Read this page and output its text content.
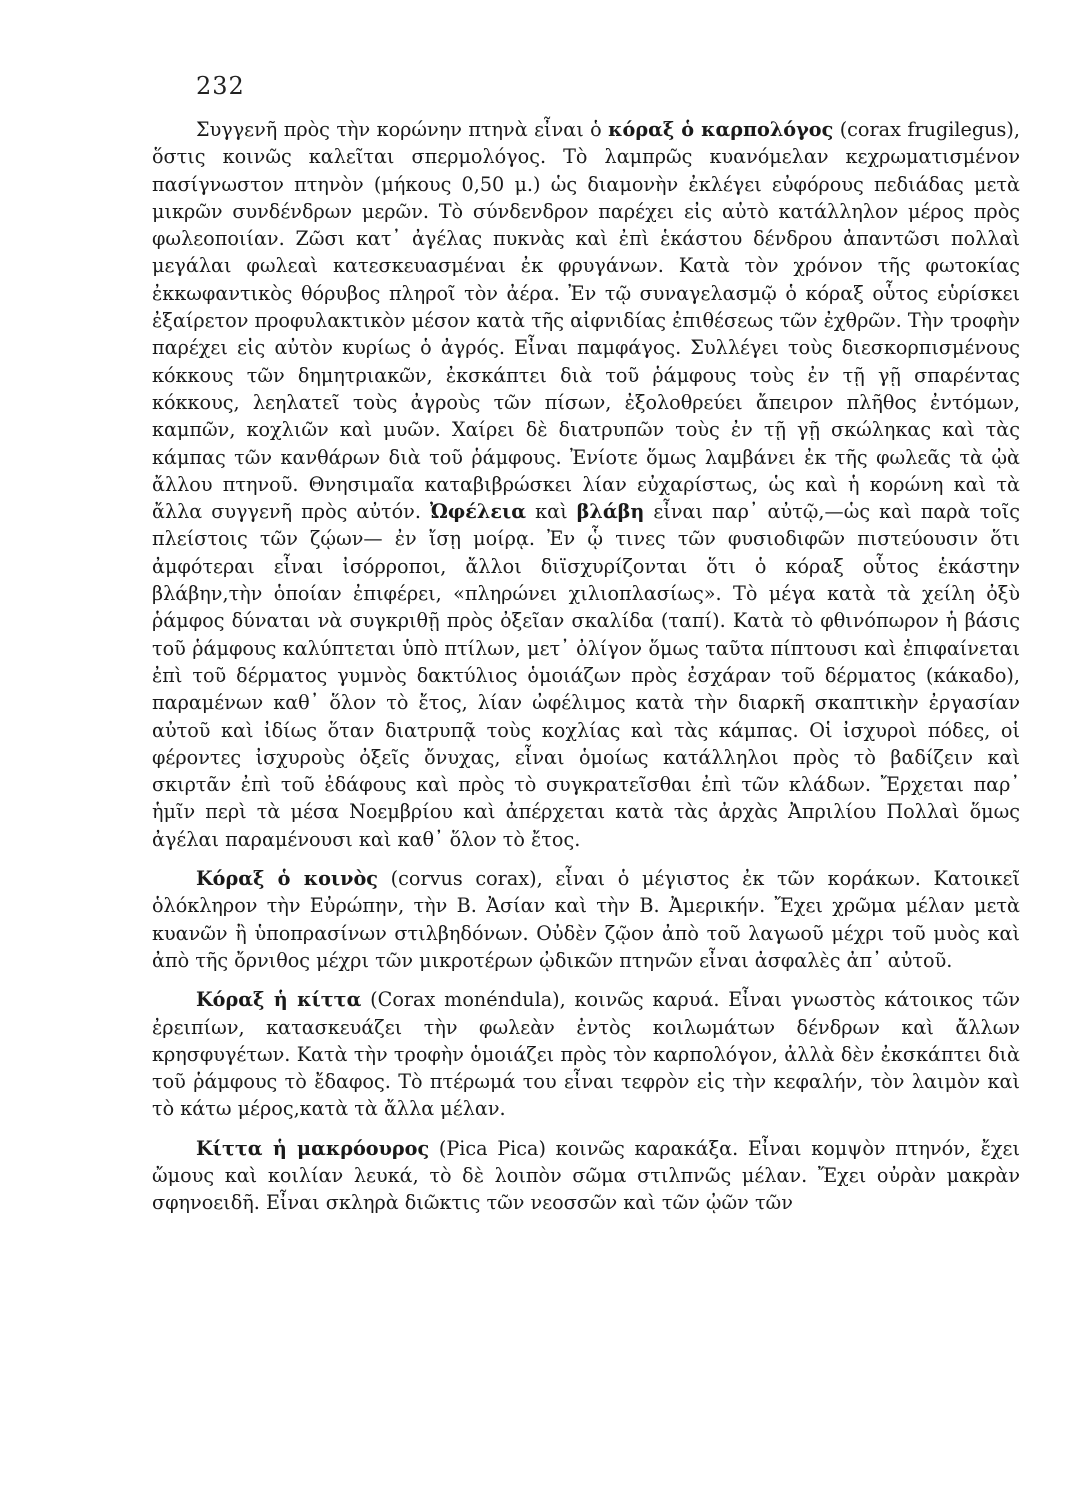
232

Συγγενῆ πρὸς τὴν κορώνην πτηνὰ εἶναι ὁ κόραξ ὁ καρπολόγος (corax frugilegus), ὅστις κοινῶς καλεῖται σπερμολόγος. Τὸ λαμπρῶς κυανόμελαν κεχρωματισμένον πασίγνωστον πτηνὸν (μήκους 0,50 μ.) ὡς διαμονὴν ἐκλέγει εὐφόρους πεδιάδας μετὰ μικρῶν συνδένδρων μερῶν. Τὸ σύνδενδρον παρέχει εἰς αὐτὸ κατάλληλον μέρος πρὸς φωλεοποιίαν. Ζῶσι κατ᾽ ἀγέλας πυκνὰς καὶ ἐπὶ ἑκάστου δένδρου ἀπαντῶσι πολλαὶ μεγάλαι φωλεαὶ κατεσκευασμέναι ἐκ φρυγάνων. Κατὰ τὸν χρόνον τῆς φωτοκίας ἐκκωφαντικὸς θόρυβος πληροῖ τὸν ἀέρα. Ἐν τῷ συναγελασμῷ ὁ κόραξ οὗτος εὑρίσκει ἐξαίρετον προφυλακτικὸν μέσον κατὰ τῆς αἰφνιδίας ἐπιθέσεως τῶν ἐχθρῶν. Τὴν τροφὴν παρέχει εἰς αὐτὸν κυρίως ὁ ἀγρός. Εἶναι παμφάγος. Συλλέγει τοὺς διεσκορπισμένους κόκκους τῶν δημητριακῶν, ἐκσκάπτει διὰ τοῦ ῥάμφους τοὺς ἐν τῇ γῇ σπαρέντας κόκκους, λεηλατεῖ τοὺς ἀγροὺς τῶν πίσων, ἐξολοθρεύει ἄπειρον πλῆθος ἐντόμων, καμπῶν, κοχλιῶν καὶ μυῶν. Χαίρει δὲ διατρυπῶν τοὺς ἐν τῇ γῇ σκώληκας καὶ τὰς κάμπας τῶν κανθάρων διὰ τοῦ ῥάμφους. Ἐνίοτε ὅμως λαμβάνει ἐκ τῆς φωλεᾶς τὰ ᾠὰ ἄλλου πτηνοῦ. Θνησιμαῖα καταβιβρώσκει λίαν εὐχαρίστως, ὡς καὶ ἡ κορώνη καὶ τὰ ἄλλα συγγενῆ πρὸς αὐτόν. Ὠφέλεια καὶ βλάβη εἶναι παρ᾽ αὐτῷ,—ὡς καὶ παρὰ τοῖς πλείστοις τῶν ζῴων— ἐν ἴσῃ μοίρᾳ. Ἐν ᾧ τινες τῶν φυσιοδιφῶν πιστεύουσιν ὅτι ἀμφότεραι εἶναι ἰσόρροποι, ἄλλοι διϊσχυρίζονται ὅτι ὁ κόραξ οὗτος ἑκάστην βλάβην,τὴν ὁποίαν ἐπιφέρει, «πληρώνει χιλιοπλασίως». Τὸ μέγα κατὰ τὰ χείλη ὀξὺ ῥάμφος δύναται νὰ συγκριθῇ πρὸς ὀξεῖαν σκαλίδα (ταπί). Κατὰ τὸ φθινόπωρον ἡ βάσις τοῦ ῥάμφους καλύπτεται ὑπὸ πτίλων, μετ᾽ ὀλίγον ὅμως ταῦτα πίπτουσι καὶ ἐπιφαίνεται ἐπὶ τοῦ δέρματος γυμνὸς δακτύλιος ὁμοιάζων πρὸς ἐσχάραν τοῦ δέρματος (κάκαδο), παραμένων καθ᾽ ὅλον τὸ ἔτος, λίαν ὠφέλιμος κατὰ τὴν διαρκῆ σκαπτικὴν ἐργασίαν αὐτοῦ καὶ ἰδίως ὅταν διατρυπᾷ τοὺς κοχλίας καὶ τὰς κάμπας. Οἱ ἰσχυροὶ πόδες, οἱ φέροντες ἰσχυροὺς ὀξεῖς ὄνυχας, εἶναι ὁμοίως κατάλληλοι πρὸς τὸ βαδίζειν καὶ σκιρτᾶν ἐπὶ τοῦ ἐδάφους καὶ πρὸς τὸ συγκρατεῖσθαι ἐπὶ τῶν κλάδων. Ἔρχεται παρ᾽ ἡμῖν περὶ τὰ μέσα Νοεμβρίου καὶ ἀπέρχεται κατὰ τὰς ἀρχὰς Ἀπριλίου Πολλαὶ ὅμως ἀγέλαι παραμένουσι καὶ καθ᾽ ὅλον τὸ ἔτος.

Κόραξ ὁ κοινὸς (corvus corax), εἶναι ὁ μέγιστος ἐκ τῶν κοράκων. Κατοικεῖ ὁλόκληρον τὴν Εὐρώπην, τὴν Β. Ἀσίαν καὶ τὴν Β. Ἀμερικήν. Ἔχει χρῶμα μέλαν μετὰ κυανῶν ἢ ὑποπρασίνων στιλβηδόνων. Οὐδὲν ζῷον ἀπὸ τοῦ λαγωοῦ μέχρι τοῦ μυὸς καὶ ἀπὸ τῆς ὄρνιθος μέχρι τῶν μικροτέρων ᾠδικῶν πτηνῶν εἶναι ἀσφαλὲς ἀπ᾽ αὐτοῦ.

Κόραξ ἡ κίττα (Corax monéndula), κοινῶς καρυά. Εἶναι γνωστὸς κάτοικος τῶν ἐρειπίων, κατασκευάζει τὴν φωλεὰν ἐντὸς κοιλωμάτων δένδρων καὶ ἄλλων κρησφυγέτων. Κατὰ τὴν τροφὴν ὁμοιάζει πρὸς τὸν καρπολόγον, ἀλλὰ δὲν ἐκσκάπτει διὰ τοῦ ῥάμφους τὸ ἔδαφος. Τὸ πτέρωμά του εἶναι τεφρὸν εἰς τὴν κεφαλήν, τὸν λαιμὸν καὶ τὸ κάτω μέρος,κατὰ τὰ ἄλλα μέλαν.

Κίττα ἡ μακρόουρος (Pica Pica) κοινῶς καρακάξα. Εἶναι κομψὸν πτηνόν, ἔχει ὤμους καὶ κοιλίαν λευκά, τὸ δὲ λοιπὸν σῶμα στιλπνῶς μέλαν. Ἔχει οὐρὰν μακρὰν σφηνοειδῆ. Εἶναι σκληρὰ διῶκτις τῶν νεοσσῶν καὶ τῶν ᾠῶν τῶν
